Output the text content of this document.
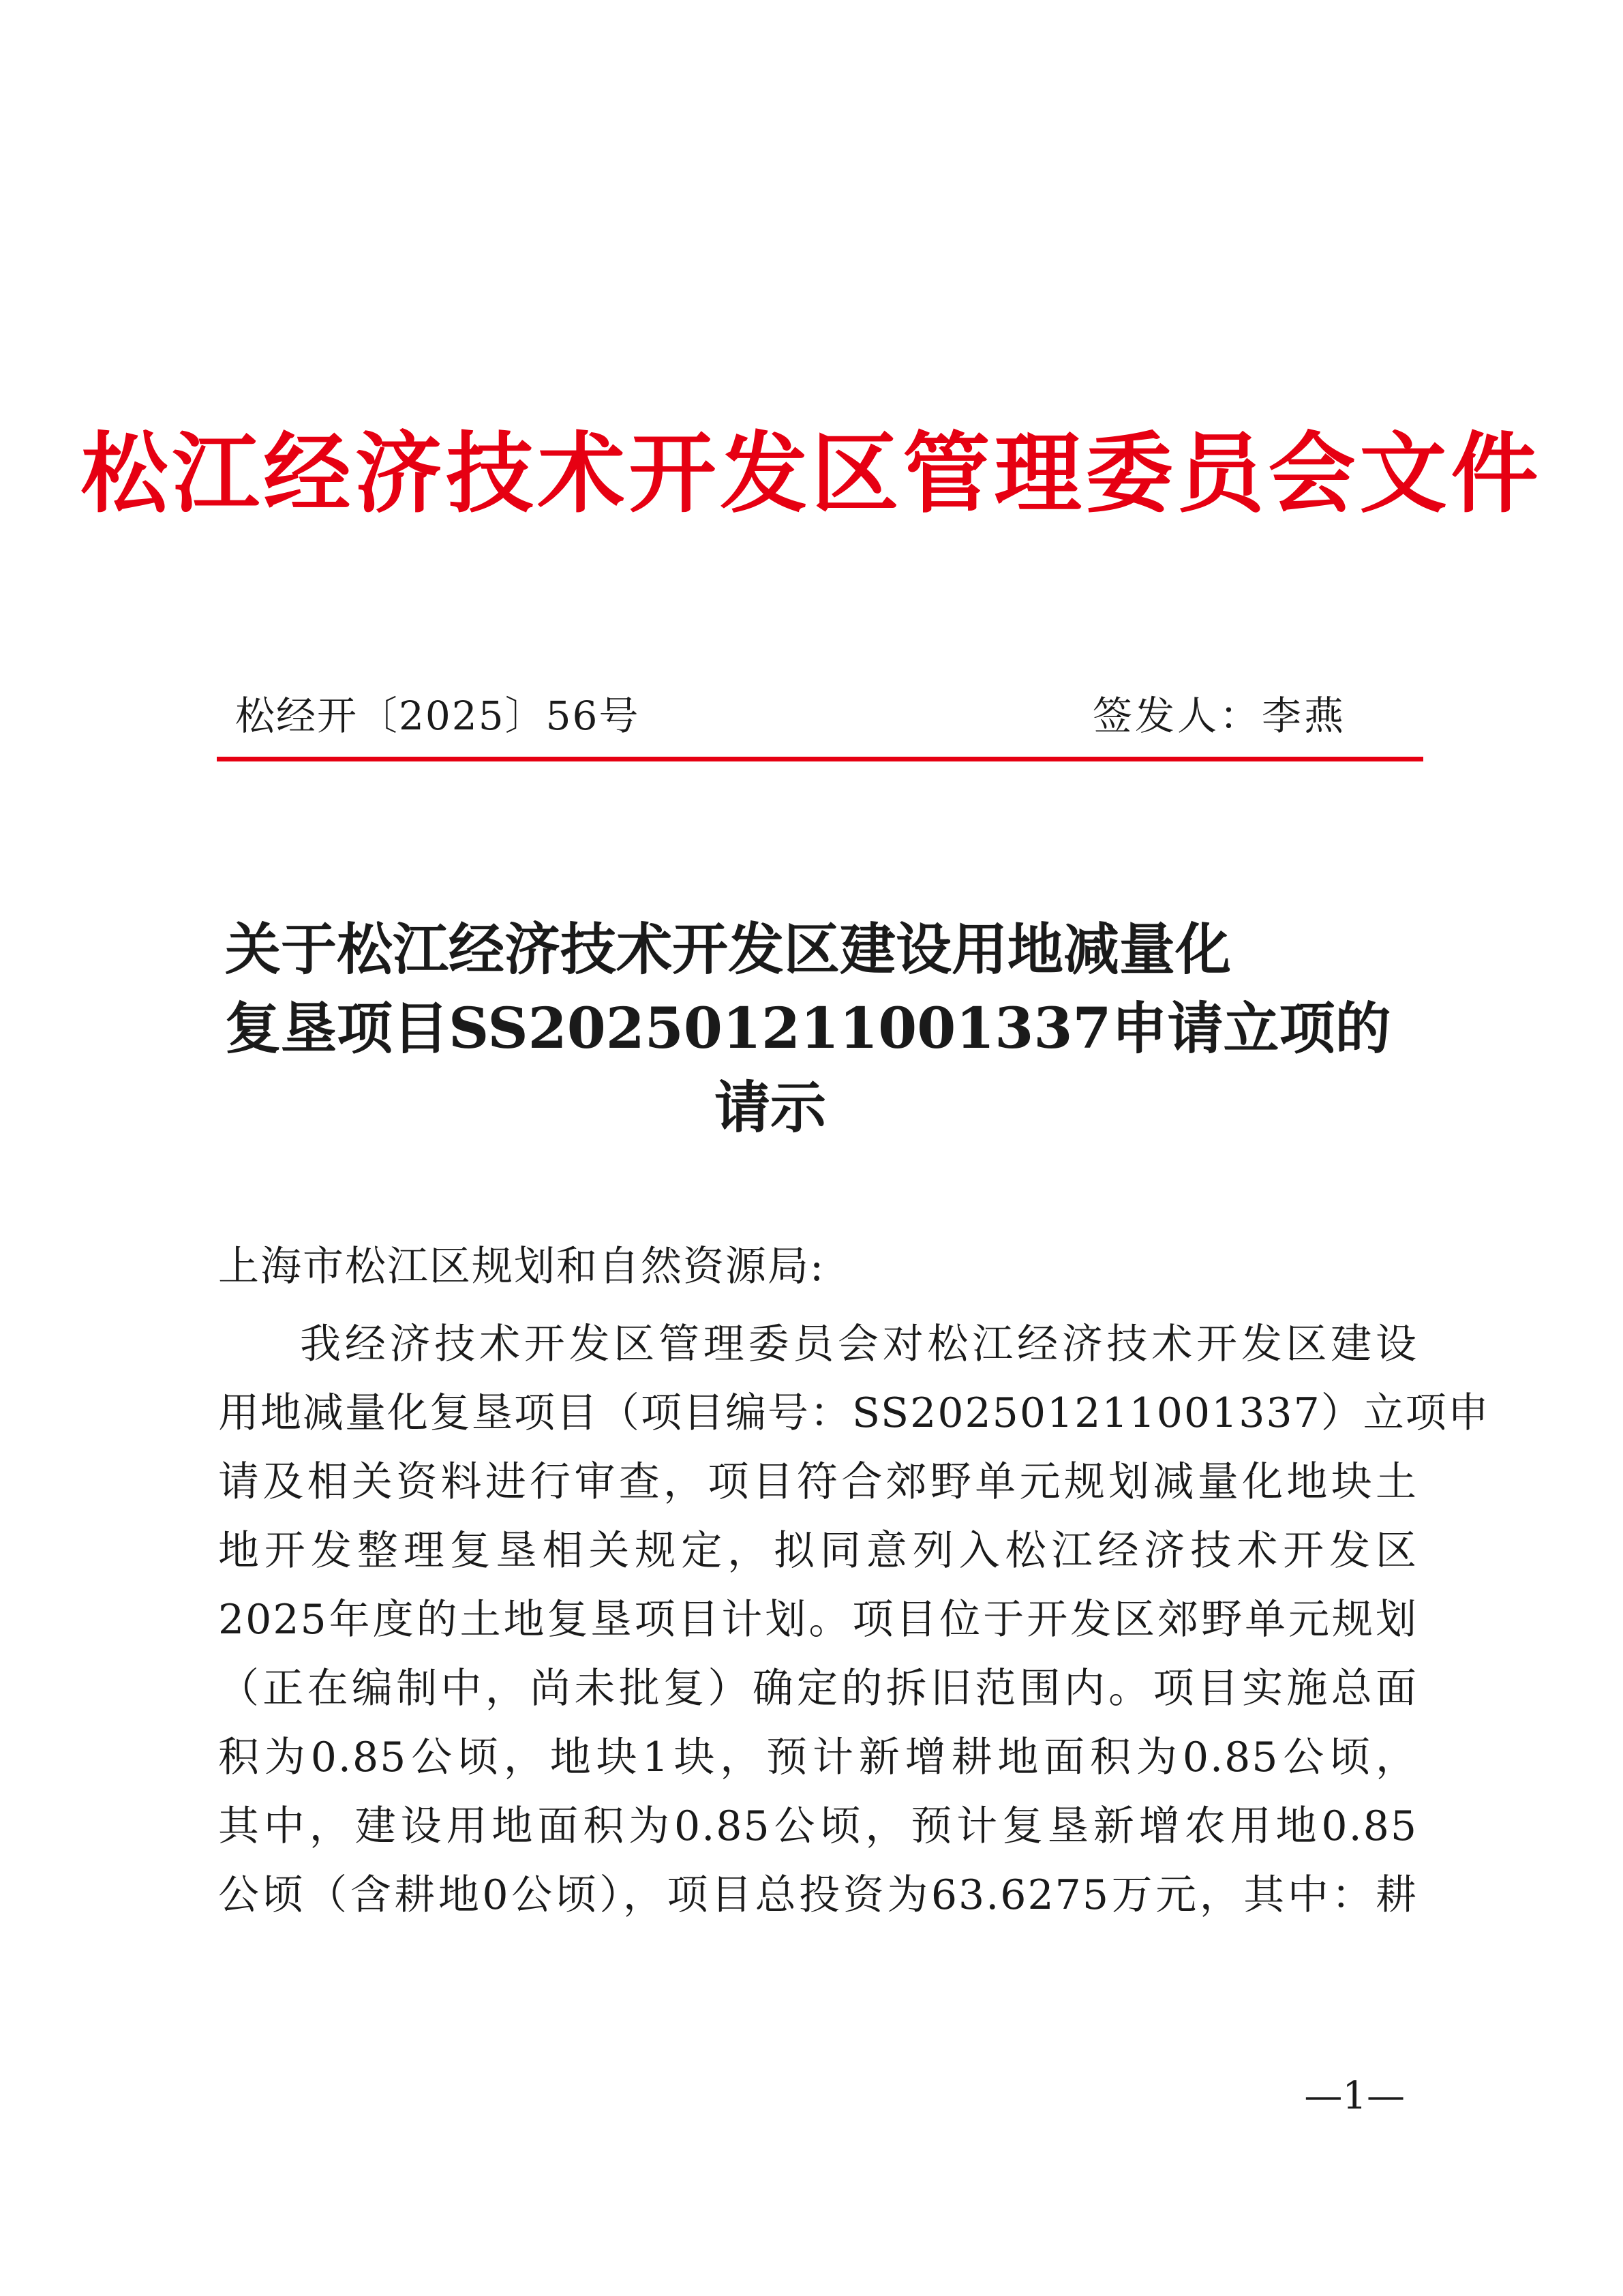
松江经济技术开发区管理委员会文件
松经开〔2025〕56号	签发人：李燕
关于松江经济技术开发区建设用地减量化
复垦项目SS202501211001337申请立项的
请示
上海市松江区规划和自然资源局:
我经济技术开发区管理委员会对松江经济技术开发区建设
用地减量化复垦项目（项目编号：SS202501211001337）立项申
请及相关资料进行审查，项目符合郊野单元规划减量化地块土
地开发整理复垦相关规定，拟同意列入松江经济技术开发区
2025年度的土地复垦项目计划。项目位于开发区郊野单元规划
（正在编制中，尚未批复）确定的拆旧范围内。项目实施总面
积为0.85公顷，地块1块，预计新增耕地面积为0.85公顷，
其中，建设用地面积为0.85公顷，预计复垦新增农用地0.85
公顷（含耕地0公顷），项目总投资为63.6275万元，其中：耕
—1—
